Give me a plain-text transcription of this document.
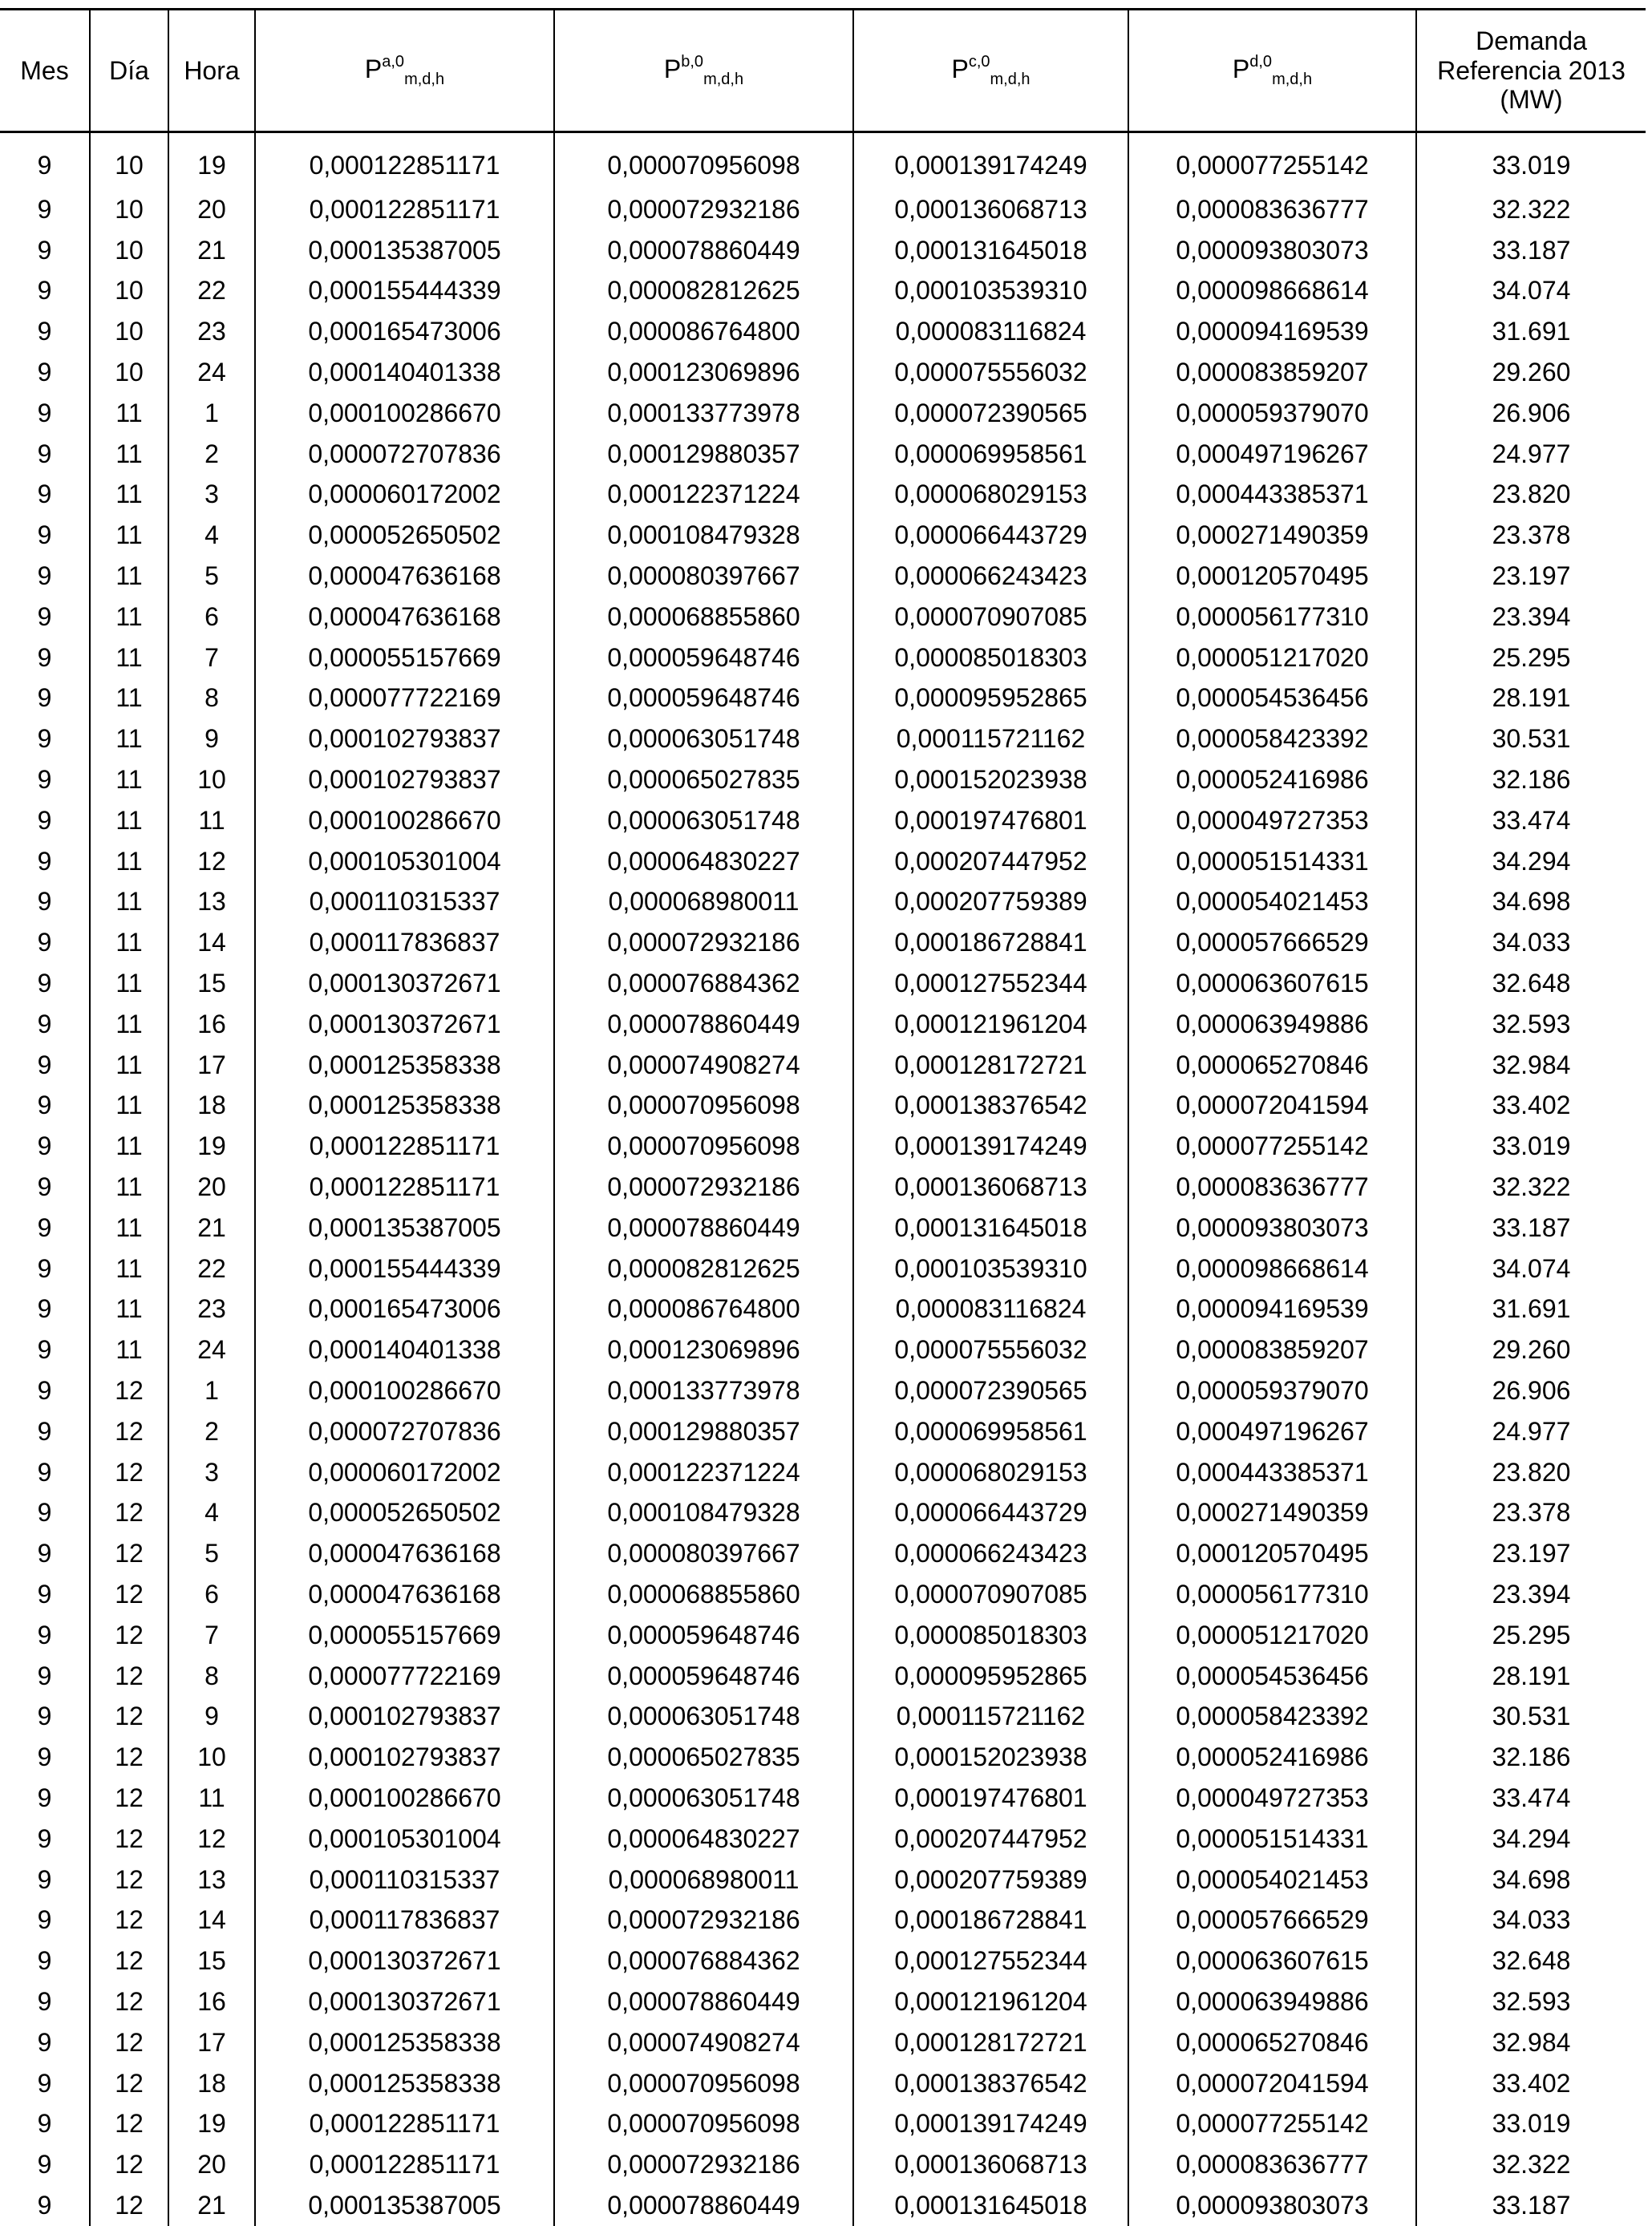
Mes	Día	Hora	P$^{a,0}_{m,d,h}$	P$^{b,0}_{m,d,h}$	P$^{c,0}_{m,d,h}$	P$^{d,0}_{m,d,h}$	Demanda
Referencia 2013
(MW)
9	10	19	0,000122851171	0,000070956098	0,000139174249	0,000077255142	33.019
9	10	20	0,000122851171	0,000072932186	0,000136068713	0,000083636777	32.322
9	10	21	0,000135387005	0,000078860449	0,000131645018	0,000093803073	33.187
9	10	22	0,000155444339	0,000082812625	0,000103539310	0,000098668614	34.074
9	10	23	0,000165473006	0,000086764800	0,000083116824	0,000094169539	31.691
9	10	24	0,000140401338	0,000123069896	0,000075556032	0,000083859207	29.260
9	11	1	0,000100286670	0,000133773978	0,000072390565	0,000059379070	26.906
9	11	2	0,000072707836	0,000129880357	0,000069958561	0,000497196267	24.977
9	11	3	0,000060172002	0,000122371224	0,000068029153	0,000443385371	23.820
9	11	4	0,000052650502	0,000108479328	0,000066443729	0,000271490359	23.378
9	11	5	0,000047636168	0,000080397667	0,000066243423	0,000120570495	23.197
9	11	6	0,000047636168	0,000068855860	0,000070907085	0,000056177310	23.394
9	11	7	0,000055157669	0,000059648746	0,000085018303	0,000051217020	25.295
9	11	8	0,000077722169	0,000059648746	0,000095952865	0,000054536456	28.191
9	11	9	0,000102793837	0,000063051748	0,000115721162	0,000058423392	30.531
9	11	10	0,000102793837	0,000065027835	0,000152023938	0,000052416986	32.186
9	11	11	0,000100286670	0,000063051748	0,000197476801	0,000049727353	33.474
9	11	12	0,000105301004	0,000064830227	0,000207447952	0,000051514331	34.294
9	11	13	0,000110315337	0,000068980011	0,000207759389	0,000054021453	34.698
9	11	14	0,000117836837	0,000072932186	0,000186728841	0,000057666529	34.033
9	11	15	0,000130372671	0,000076884362	0,000127552344	0,000063607615	32.648
9	11	16	0,000130372671	0,000078860449	0,000121961204	0,000063949886	32.593
9	11	17	0,000125358338	0,000074908274	0,000128172721	0,000065270846	32.984
9	11	18	0,000125358338	0,000070956098	0,000138376542	0,000072041594	33.402
9	11	19	0,000122851171	0,000070956098	0,000139174249	0,000077255142	33.019
9	11	20	0,000122851171	0,000072932186	0,000136068713	0,000083636777	32.322
9	11	21	0,000135387005	0,000078860449	0,000131645018	0,000093803073	33.187
9	11	22	0,000155444339	0,000082812625	0,000103539310	0,000098668614	34.074
9	11	23	0,000165473006	0,000086764800	0,000083116824	0,000094169539	31.691
9	11	24	0,000140401338	0,000123069896	0,000075556032	0,000083859207	29.260
9	12	1	0,000100286670	0,000133773978	0,000072390565	0,000059379070	26.906
9	12	2	0,000072707836	0,000129880357	0,000069958561	0,000497196267	24.977
9	12	3	0,000060172002	0,000122371224	0,000068029153	0,000443385371	23.820
9	12	4	0,000052650502	0,000108479328	0,000066443729	0,000271490359	23.378
9	12	5	0,000047636168	0,000080397667	0,000066243423	0,000120570495	23.197
9	12	6	0,000047636168	0,000068855860	0,000070907085	0,000056177310	23.394
9	12	7	0,000055157669	0,000059648746	0,000085018303	0,000051217020	25.295
9	12	8	0,000077722169	0,000059648746	0,000095952865	0,000054536456	28.191
9	12	9	0,000102793837	0,000063051748	0,000115721162	0,000058423392	30.531
9	12	10	0,000102793837	0,000065027835	0,000152023938	0,000052416986	32.186
9	12	11	0,000100286670	0,000063051748	0,000197476801	0,000049727353	33.474
9	12	12	0,000105301004	0,000064830227	0,000207447952	0,000051514331	34.294
9	12	13	0,000110315337	0,000068980011	0,000207759389	0,000054021453	34.698
9	12	14	0,000117836837	0,000072932186	0,000186728841	0,000057666529	34.033
9	12	15	0,000130372671	0,000076884362	0,000127552344	0,000063607615	32.648
9	12	16	0,000130372671	0,000078860449	0,000121961204	0,000063949886	32.593
9	12	17	0,000125358338	0,000074908274	0,000128172721	0,000065270846	32.984
9	12	18	0,000125358338	0,000070956098	0,000138376542	0,000072041594	33.402
9	12	19	0,000122851171	0,000070956098	0,000139174249	0,000077255142	33.019
9	12	20	0,000122851171	0,000072932186	0,000136068713	0,000083636777	32.322
9	12	21	0,000135387005	0,000078860449	0,000131645018	0,000093803073	33.187
